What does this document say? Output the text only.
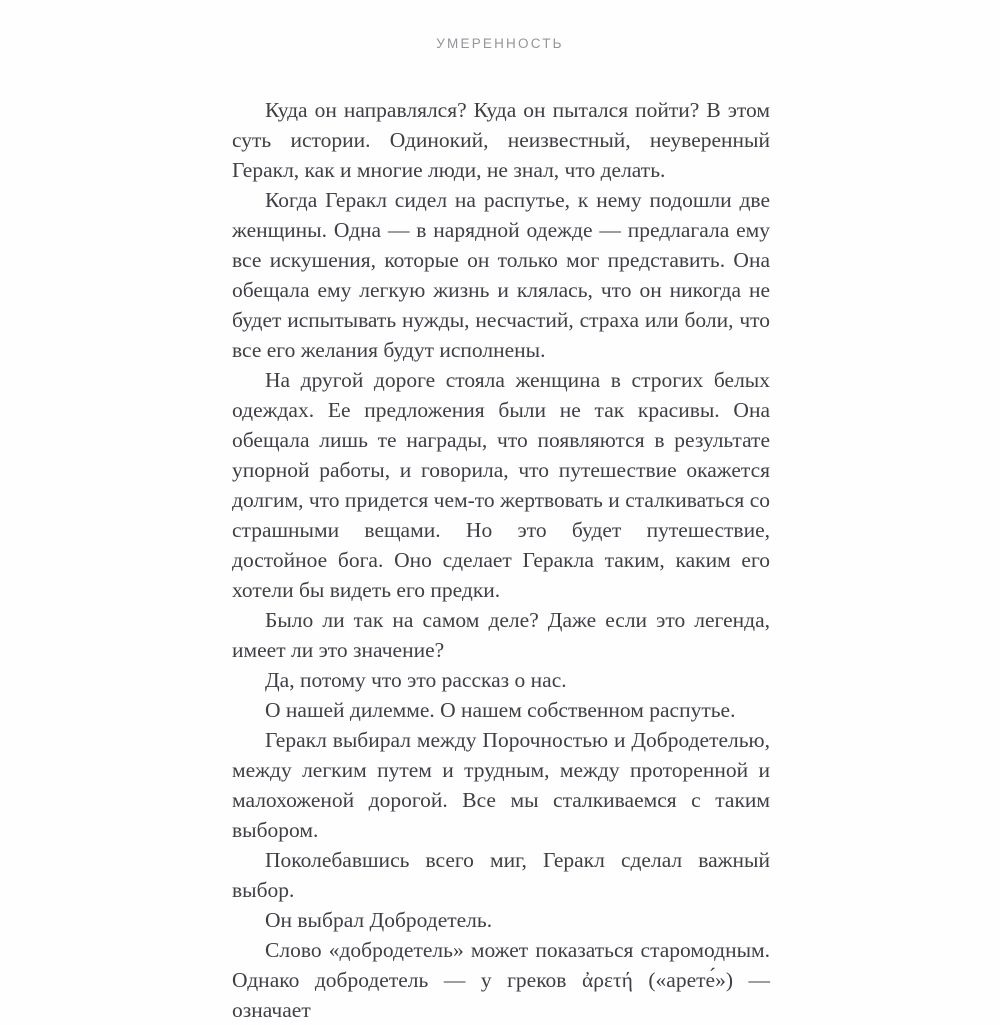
УМЕРЕННОСТЬ

Куда он направлялся? Куда он пытался пойти? В этом суть истории. Одинокий, неизвестный, неуверенный Геракл, как и многие люди, не знал, что делать.

Когда Геракл сидел на распутье, к нему подошли две женщины. Одна — в нарядной одежде — предлагала ему все искушения, которые он только мог представить. Она обещала ему легкую жизнь и клялась, что он никогда не будет испытывать нужды, несчастий, страха или боли, что все его желания будут исполнены.

На другой дороге стояла женщина в строгих белых одеждах. Ее предложения были не так красивы. Она обещала лишь те награды, что появляются в результате упорной работы, и говорила, что путешествие окажется долгим, что придется чем-то жертвовать и сталкиваться со страшными вещами. Но это будет путешествие, достойное бога. Оно сделает Геракла таким, каким его хотели бы видеть его предки.

Было ли так на самом деле? Даже если это легенда, имеет ли это значение?

Да, потому что это рассказ о нас.

О нашей дилемме. О нашем собственном распутье.

Геракл выбирал между Порочностью и Добродетелью, между легким путем и трудным, между проторенной и малохоженой дорогой. Все мы сталкиваемся с таким выбором.

Поколебавшись всего миг, Геракл сделал важный выбор.

Он выбрал Добродетель.

Слово «добродетель» может показаться старомодным. Однако добродетель — у греков ἀρετή («арете́») — означает
